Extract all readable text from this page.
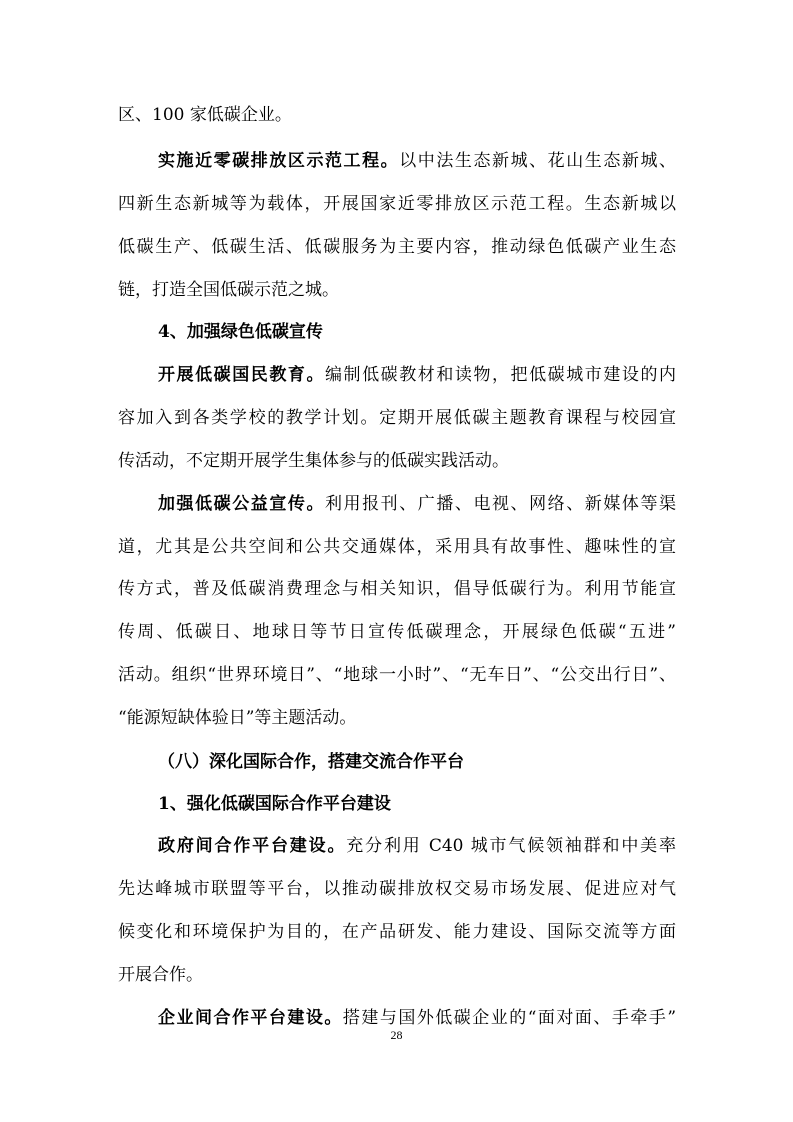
区、100 家低碳企业。
实施近零碳排放区示范工程。以中法生态新城、花山生态新城、
四新生态新城等为载体，开展国家近零排放区示范工程。生态新城以
低碳生产、低碳生活、低碳服务为主要内容，推动绿色低碳产业生态
链，打造全国低碳示范之城。
4、加强绿色低碳宣传
开展低碳国民教育。编制低碳教材和读物，把低碳城市建设的内
容加入到各类学校的教学计划。定期开展低碳主题教育课程与校园宣
传活动，不定期开展学生集体参与的低碳实践活动。
加强低碳公益宣传。利用报刊、广播、电视、网络、新媒体等渠
道，尤其是公共空间和公共交通媒体，采用具有故事性、趣味性的宣
传方式，普及低碳消费理念与相关知识，倡导低碳行为。利用节能宣
传周、低碳日、地球日等节日宣传低碳理念，开展绿色低碳“五进”
活动。组织“世界环境日”、“地球一小时”、“无车日”、“公交出行日”、
“能源短缺体验日”等主题活动。
（八）深化国际合作，搭建交流合作平台
1、强化低碳国际合作平台建设
政府间合作平台建设。充分利用 C40 城市气候领袖群和中美率
先达峰城市联盟等平台，以推动碳排放权交易市场发展、促进应对气
候变化和环境保护为目的，在产品研发、能力建设、国际交流等方面
开展合作。
企业间合作平台建设。搭建与国外低碳企业的“面对面、手牵手”
28
